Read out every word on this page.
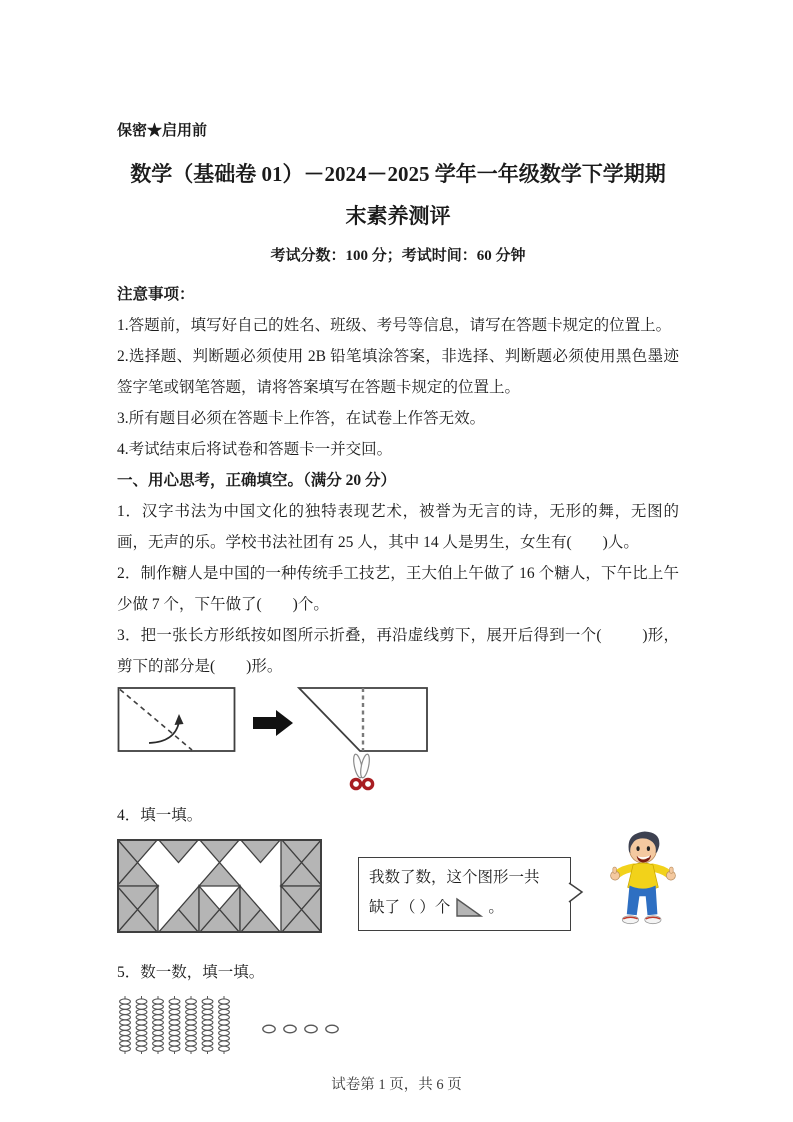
保密★启用前
数学（基础卷 01）－2024－2025 学年一年级数学下学期期
末素养测评
考试分数：100 分；考试时间：60 分钟
注意事项：

1.答题前，填写好自己的姓名、班级、考号等信息，请写在答题卡规定的位置上。

2.选择题、判断题必须使用 2B 铅笔填涂答案，非选择、判断题必须使用黑色墨迹签字笔或钢笔答题，请将答案填写在答题卡规定的位置上。

3.所有题目必须在答题卡上作答，在试卷上作答无效。

4.考试结束后将试卷和答题卡一并交回。

一、用心思考，正确填空。（满分 20 分）

1．汉字书法为中国文化的独特表现艺术，被誉为无言的诗，无形的舞，无图的画，无声的乐。学校书法社团有 25 人，其中 14 人是男生，女生有(        )人。

2．制作糖人是中国的一种传统手工技艺，王大伯上午做了 16 个糖人，下午比上午少做 7 个，下午做了(        )个。

3．把一张长方形纸按如图所示折叠，再沿虚线剪下，展开后得到一个(          )形，剪下的部分是(        )形。

4．填一填。

我数了数，这个图形一共

缺了（ ）个 。

5．数一数，填一填。

试卷第 1 页，共 6 页
